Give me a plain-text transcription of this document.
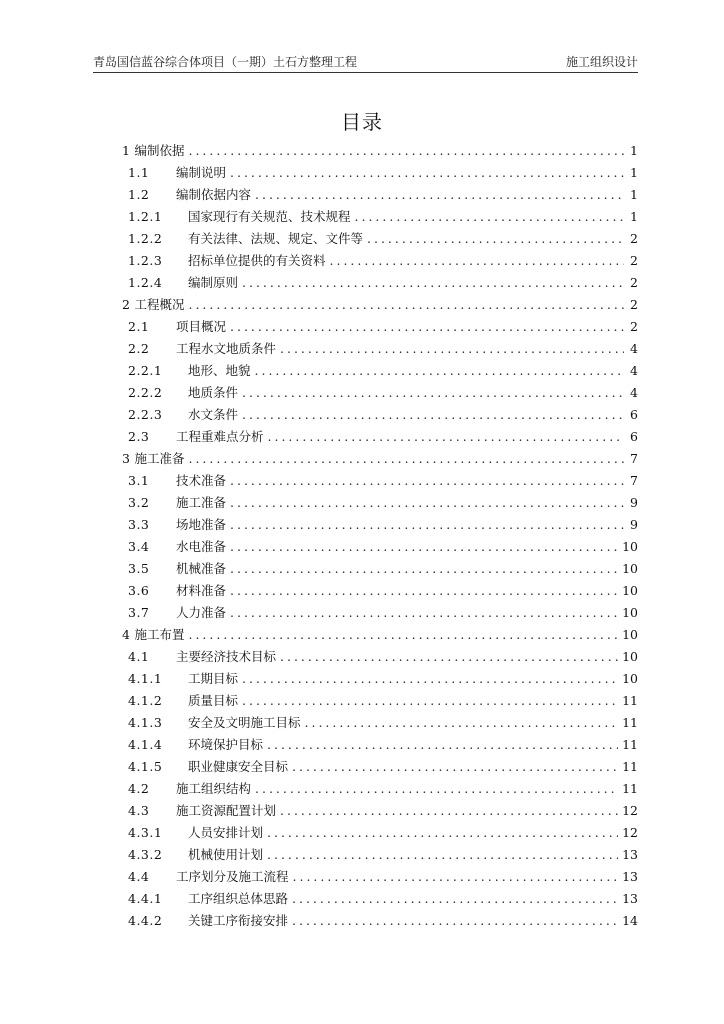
青岛国信蓝谷综合体项目（一期）土石方整理工程	施工组织设计
目录
1 编制依据 .....	1
1.1	编制说明 .....	1
1.2	编制依据内容 .....	1
1.2.1	国家现行有关规范、技术规程 .....	1
1.2.2	有关法律、法规、规定、文件等 .....	2
1.2.3	招标单位提供的有关资料 .....	2
1.2.4	编制原则 .....	2
2 工程概况 .....	2
2.1	项目概况 .....	2
2.2	工程水文地质条件 .....	4
2.2.1	地形、地貌 .....	4
2.2.2	地质条件 .....	4
2.2.3	水文条件 .....	6
2.3	工程重难点分析 .....	6
3 施工准备 .....	7
3.1	技术准备 .....	7
3.2	施工准备 .....	9
3.3	场地准备 .....	9
3.4	水电准备 .....	10
3.5	机械准备 .....	10
3.6	材料准备 .....	10
3.7	人力准备 .....	10
4 施工布置 .....	10
4.1	主要经济技术目标 .....	10
4.1.1	工期目标 .....	10
4.1.2	质量目标 .....	11
4.1.3	安全及文明施工目标 .....	11
4.1.4	环境保护目标 .....	11
4.1.5	职业健康安全目标 .....	11
4.2	施工组织结构 .....	11
4.3	施工资源配置计划 .....	12
4.3.1	人员安排计划 .....	12
4.3.2	机械使用计划 .....	13
4.4	工序划分及施工流程 .....	13
4.4.1	工序组织总体思路 .....	13
4.4.2	关键工序衔接安排 .....	14
